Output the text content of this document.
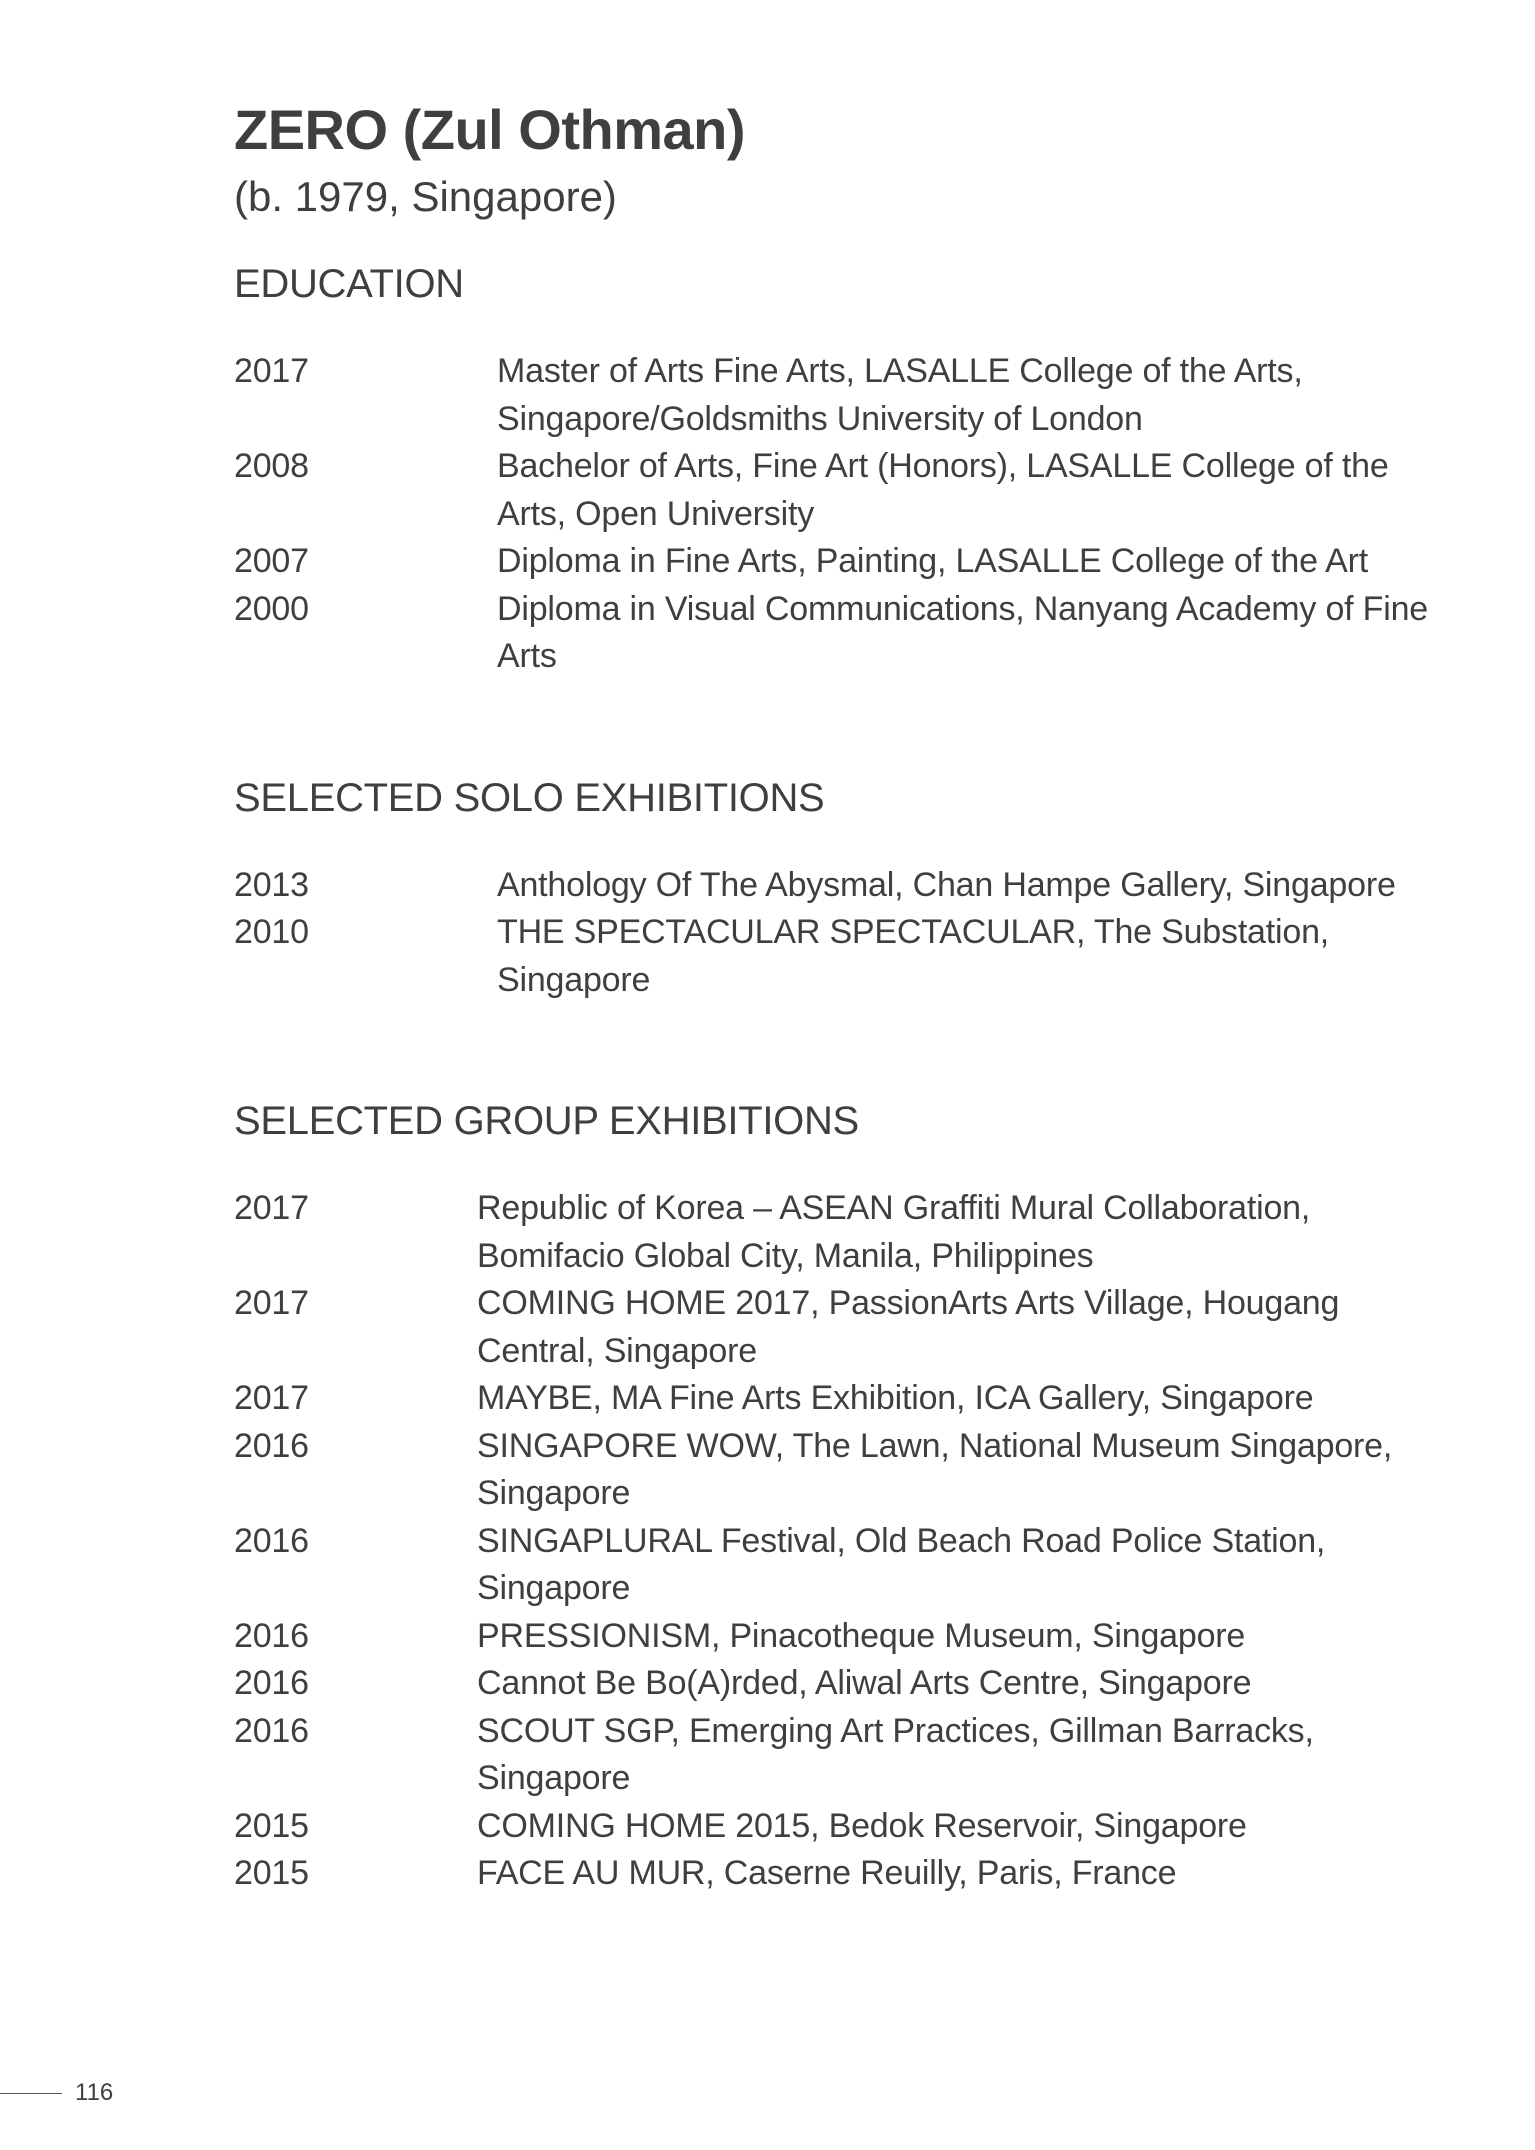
ZERO (Zul Othman)

(b. 1979, Singapore)

EDUCATION
2017	Master of Arts Fine Arts, LASALLE College of the Arts, Singapore/Goldsmiths University of London
2008	Bachelor of Arts, Fine Art (Honors), LASALLE College of the Arts, Open University
2007	Diploma in Fine Arts, Painting, LASALLE College of the Art
2000	Diploma in Visual Communications, Nanyang Academy of Fine Arts
SELECTED SOLO EXHIBITIONS
2013	Anthology Of The Abysmal, Chan Hampe Gallery, Singapore
2010	THE SPECTACULAR SPECTACULAR, The Substation, Singapore
SELECTED GROUP EXHIBITIONS
2017	Republic of Korea – ASEAN Graffiti Mural Collaboration, Bomifacio Global City, Manila, Philippines
2017	COMING HOME 2017, PassionArts Arts Village, Hougang Central, Singapore
2017	MAYBE, MA Fine Arts Exhibition, ICA Gallery, Singapore
2016	SINGAPORE WOW, The Lawn, National Museum Singapore, Singapore
2016	SINGAPLURAL Festival, Old Beach Road Police Station, Singapore
2016	PRESSIONISM, Pinacotheque Museum, Singapore
2016	Cannot Be Bo(A)rded, Aliwal Arts Centre, Singapore
2016	SCOUT SGP, Emerging Art Practices, Gillman Barracks, Singapore
2015	COMING HOME 2015, Bedok Reservoir, Singapore
2015	FACE AU MUR, Caserne Reuilly, Paris, France
116
